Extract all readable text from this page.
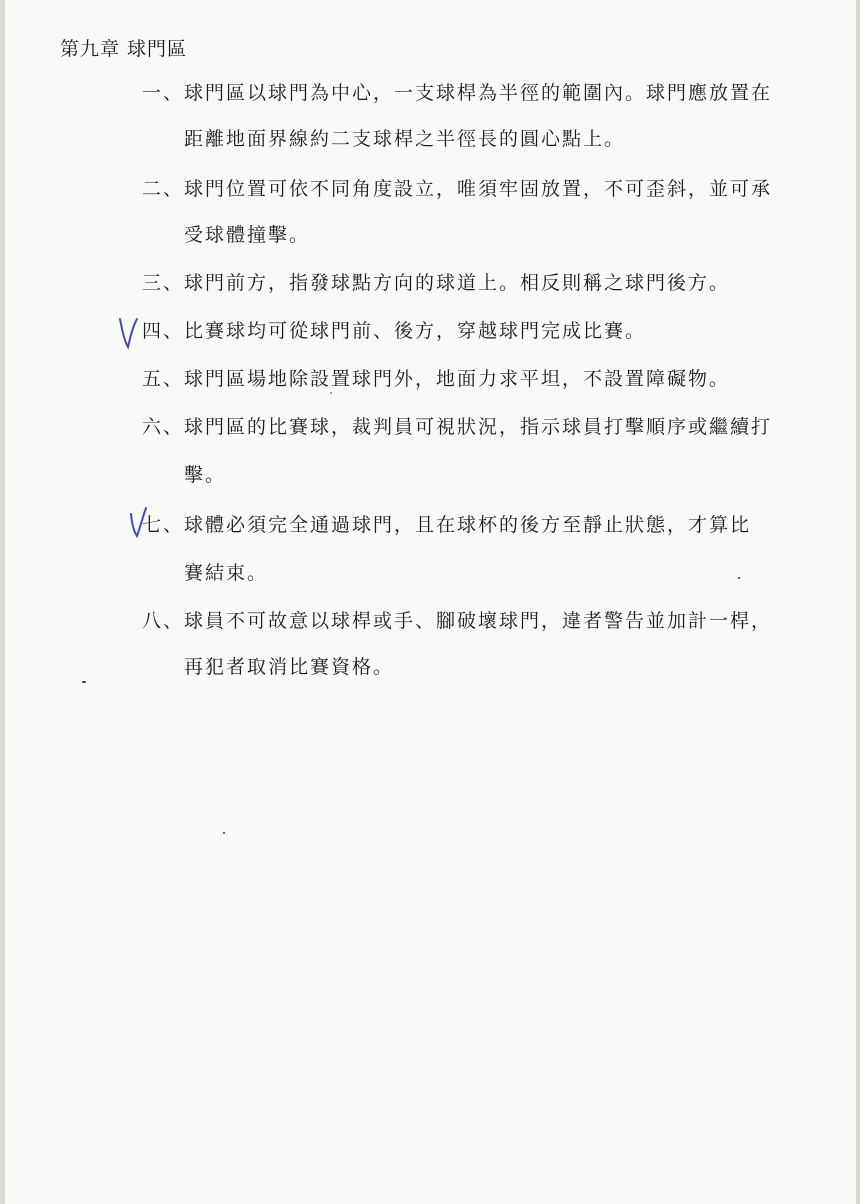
第九章 球門區
一、球門區以球門為中心，一支球桿為半徑的範圍內。球門應放置在
距離地面界線約二支球桿之半徑長的圓心點上。
二、球門位置可依不同角度設立，唯須牢固放置，不可歪斜，並可承
受球體撞擊。
三、球門前方，指發球點方向的球道上。相反則稱之球門後方。
四、比賽球均可從球門前、後方，穿越球門完成比賽。
五、球門區場地除設置球門外，地面力求平坦，不設置障礙物。
六、球門區的比賽球，裁判員可視狀況，指示球員打擊順序或繼續打
擊。
七、球體必須完全通過球門，且在球杯的後方至靜止狀態，才算比
賽結束。
八、球員不可故意以球桿或手、腳破壞球門，違者警告並加計一桿，
再犯者取消比賽資格。
